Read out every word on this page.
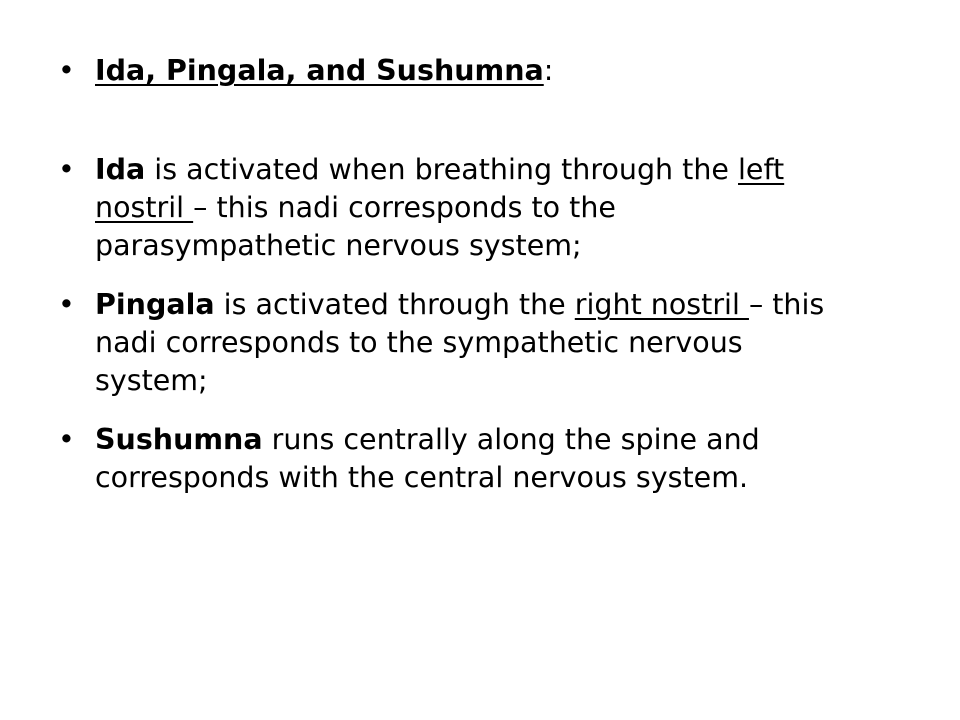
• Ida, Pingala, and Sushumna:
• Ida is activated when breathing through the left nostril – this nadi corresponds to the parasympathetic nervous system;
• Pingala is activated through the right nostril – this nadi corresponds to the sympathetic nervous system;
• Sushumna runs centrally along the spine and corresponds with the central nervous system.
